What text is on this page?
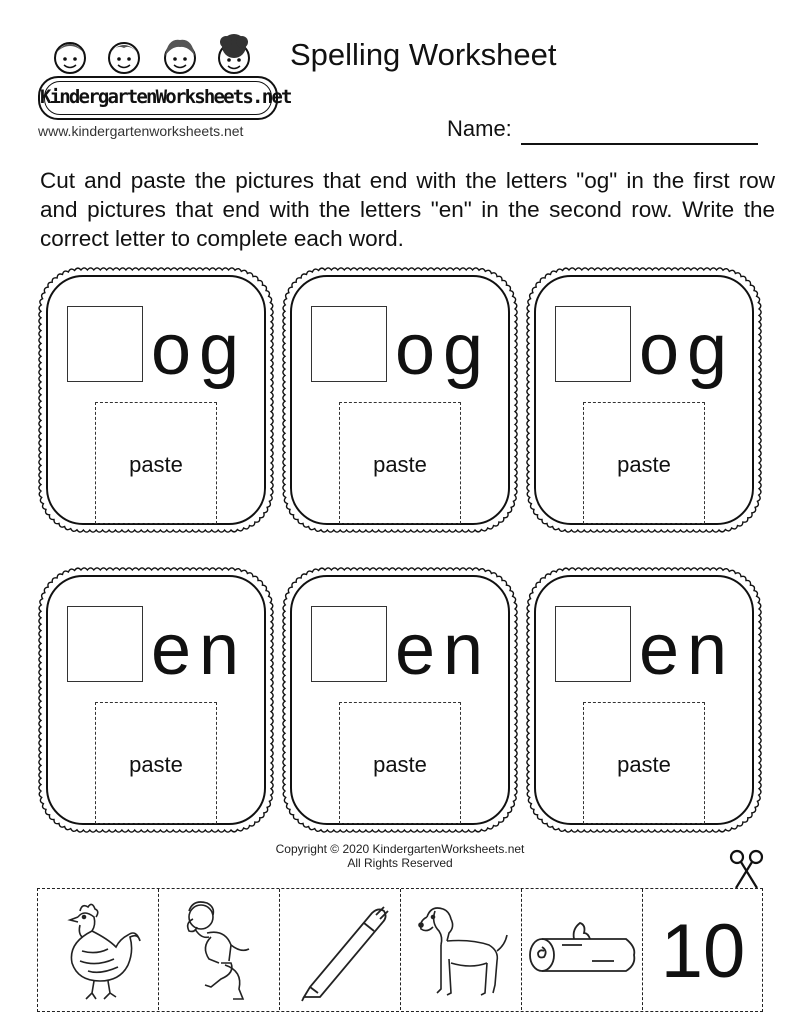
KindergartenWorksheets.net
Spelling Worksheet
www.kindergartenworksheets.net	Name:
Cut and paste the pictures that end with the letters "og" in the first row and pictures that end with the letters "en" in the second row. Write the correct letter to complete each word.
og
paste
og
paste
og
paste
en
paste
en
paste
en
paste
Copyright © 2020 KindergartenWorksheets.net
All Rights Reserved
10
